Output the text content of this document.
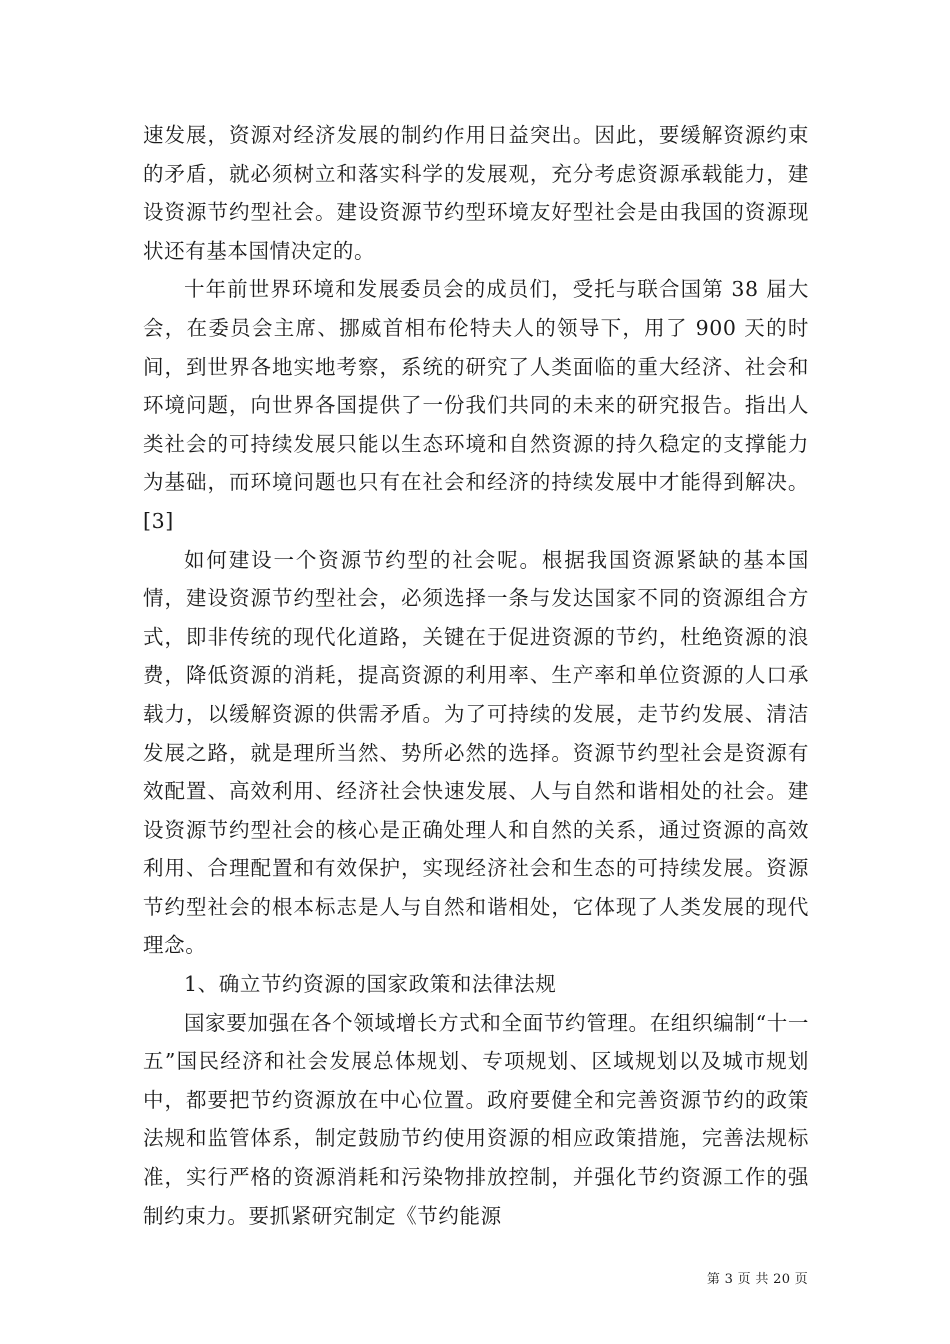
速发展，资源对经济发展的制约作用日益突出。因此，要缓解资源约束的矛盾，就必须树立和落实科学的发展观，充分考虑资源承载能力，建设资源节约型社会。建设资源节约型环境友好型社会是由我国的资源现状还有基本国情决定的。

十年前世界环境和发展委员会的成员们，受托与联合国第 38 届大会，在委员会主席、挪威首相布伦特夫人的领导下，用了 900 天的时间，到世界各地实地考察，系统的研究了人类面临的重大经济、社会和环境问题，向世界各国提供了一份我们共同的未来的研究报告。指出人类社会的可持续发展只能以生态环境和自然资源的持久稳定的支撑能力为基础，而环境问题也只有在社会和经济的持续发展中才能得到解决。[3]

如何建设一个资源节约型的社会呢。根据我国资源紧缺的基本国情，建设资源节约型社会，必须选择一条与发达国家不同的资源组合方式，即非传统的现代化道路，关键在于促进资源的节约，杜绝资源的浪费，降低资源的消耗，提高资源的利用率、生产率和单位资源的人口承载力，以缓解资源的供需矛盾。为了可持续的发展，走节约发展、清洁发展之路，就是理所当然、势所必然的选择。资源节约型社会是资源有效配置、高效利用、经济社会快速发展、人与自然和谐相处的社会。建设资源节约型社会的核心是正确处理人和自然的关系，通过资源的高效利用、合理配置和有效保护，实现经济社会和生态的可持续发展。资源节约型社会的根本标志是人与自然和谐相处，它体现了人类发展的现代理念。

1、确立节约资源的国家政策和法律法规

国家要加强在各个领域增长方式和全面节约管理。在组织编制“十一五”国民经济和社会发展总体规划、专项规划、区域规划以及城市规划中，都要把节约资源放在中心位置。政府要健全和完善资源节约的政策法规和监管体系，制定鼓励节约使用资源的相应政策措施，完善法规标准，实行严格的资源消耗和污染物排放控制，并强化节约资源工作的强制约束力。要抓紧研究制定《节约能源

第 3 页 共 20 页
